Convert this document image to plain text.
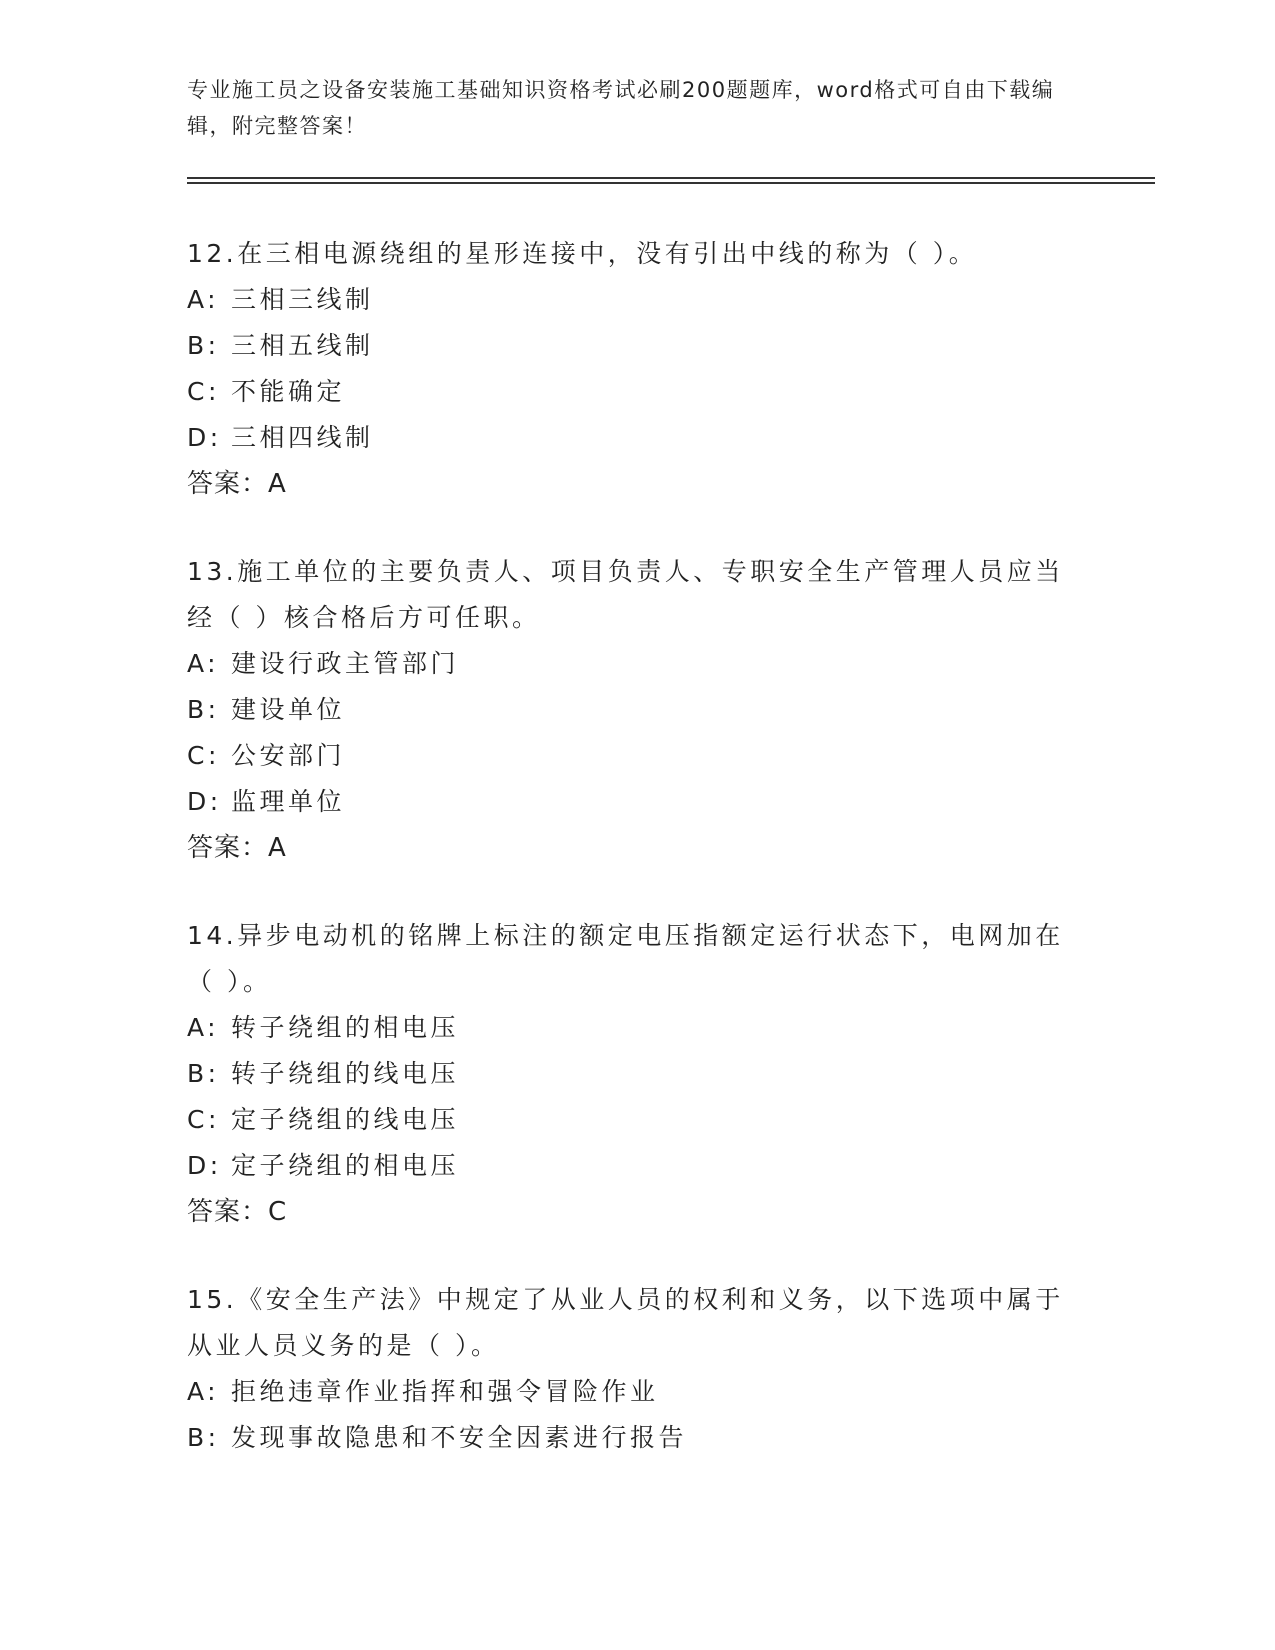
专业施工员之设备安装施工基础知识资格考试必刷200题题库，word格式可自由下载编辑，附完整答案！
12.在三相电源绕组的星形连接中，没有引出中线的称为（ ）。
A: 三相三线制
B: 三相五线制
C: 不能确定
D: 三相四线制
答案：A
13.施工单位的主要负责人、项目负责人、专职安全生产管理人员应当经（ ）核合格后方可任职。
A: 建设行政主管部门
B: 建设单位
C: 公安部门
D: 监理单位
答案：A
14.异步电动机的铭牌上标注的额定电压指额定运行状态下，电网加在（ ）。
A: 转子绕组的相电压
B: 转子绕组的线电压
C: 定子绕组的线电压
D: 定子绕组的相电压
答案：C
15.《安全生产法》中规定了从业人员的权利和义务，以下选项中属于从业人员义务的是（ ）。
A: 拒绝违章作业指挥和强令冒险作业
B: 发现事故隐患和不安全因素进行报告
